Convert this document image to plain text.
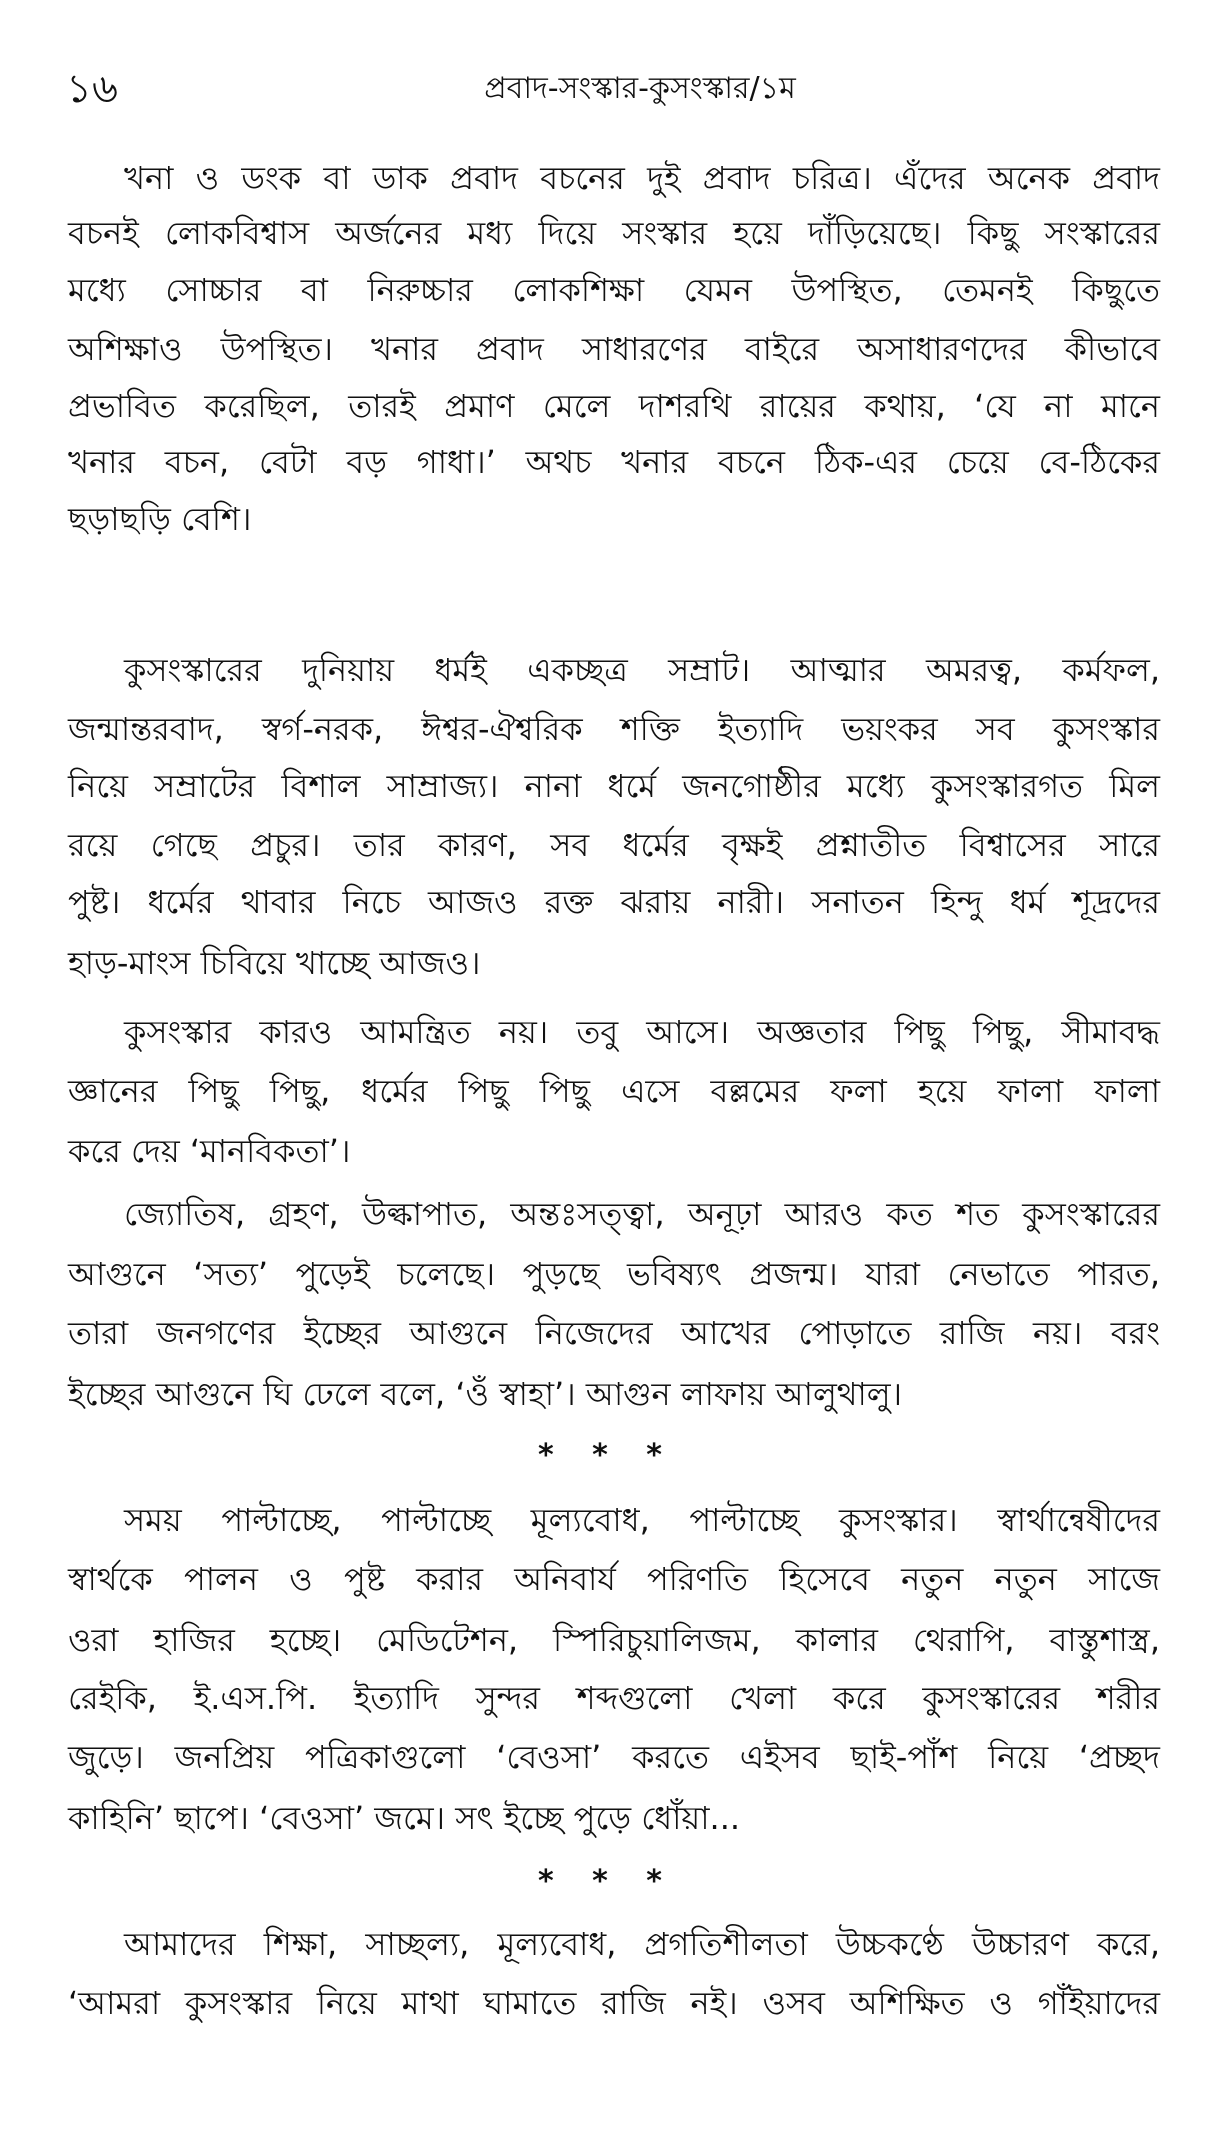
১৬	প্রবাদ-সংস্কার-কুসংস্কার/১ম
খনা ও ডংক বা ডাক প্রবাদ বচনের দুই প্রবাদ চরিত্র। এঁদের অনেক প্রবাদ
বচনই লোকবিশ্বাস অর্জনের মধ্য দিয়ে সংস্কার হয়ে দাঁড়িয়েছে। কিছু সংস্কারের
মধ্যে সোচ্চার বা নিরুচ্চার লোকশিক্ষা যেমন উপস্থিত, তেমনই কিছুতে
অশিক্ষাও উপস্থিত। খনার প্রবাদ সাধারণের বাইরে অসাধারণদের কীভাবে
প্রভাবিত করেছিল, তারই প্রমাণ মেলে দাশরথি রায়ের কথায়, ‘যে না মানে
খনার বচন, বেটা বড় গাধা।’ অথচ খনার বচনে ঠিক-এর চেয়ে বে-ঠিকের
ছড়াছড়ি বেশি।
কুসংস্কারের দুনিয়ায় ধর্মই একচ্ছত্র সম্রাট। আত্মার অমরত্ব, কর্মফল,
জন্মান্তরবাদ, স্বর্গ-নরক, ঈশ্বর-ঐশ্বরিক শক্তি ইত্যাদি ভয়ংকর সব কুসংস্কার
নিয়ে সম্রাটের বিশাল সাম্রাজ্য। নানা ধর্মে জনগোষ্ঠীর মধ্যে কুসংস্কারগত মিল
রয়ে গেছে প্রচুর। তার কারণ, সব ধর্মের বৃক্ষই প্রশ্নাতীত বিশ্বাসের সারে
পুষ্ট। ধর্মের থাবার নিচে আজও রক্ত ঝরায় নারী। সনাতন হিন্দু ধর্ম শূদ্রদের
হাড়-মাংস চিবিয়ে খাচ্ছে আজও।
কুসংস্কার কারও আমন্ত্রিত নয়। তবু আসে। অজ্ঞতার পিছু পিছু, সীমাবদ্ধ
জ্ঞানের পিছু পিছু, ধর্মের পিছু পিছু এসে বল্লমের ফলা হয়ে ফালা ফালা
করে দেয় ‘মানবিকতা’।
জ্যোতিষ, গ্রহণ, উল্কাপাত, অন্তঃসত্ত্বা, অনূঢ়া আরও কত শত কুসংস্কারের
আগুনে ‘সত্য’ পুড়েই চলেছে। পুড়ছে ভবিষ্যৎ প্রজন্ম। যারা নেভাতে পারত,
তারা জনগণের ইচ্ছের আগুনে নিজেদের আখের পোড়াতে রাজি নয়। বরং
ইচ্ছের আগুনে ঘি ঢেলে বলে, ‘ওঁ স্বাহা’। আগুন লাফায় আলুথালু।
সময় পাল্টাচ্ছে, পাল্টাচ্ছে মূল্যবোধ, পাল্টাচ্ছে কুসংস্কার। স্বার্থান্বেষীদের
স্বার্থকে পালন ও পুষ্ট করার অনিবার্য পরিণতি হিসেবে নতুন নতুন সাজে
ওরা হাজির হচ্ছে। মেডিটেশন, স্পিরিচুয়ালিজম, কালার থেরাপি, বাস্তুশাস্ত্র,
রেইকি, ই.এস.পি. ইত্যাদি সুন্দর শব্দগুলো খেলা করে কুসংস্কারের শরীর
জুড়ে। জনপ্রিয় পত্রিকাগুলো ‘বেওসা’ করতে এইসব ছাই-পাঁশ নিয়ে ‘প্রচ্ছদ
কাহিনি’ ছাপে। ‘বেওসা’ জমে। সৎ ইচ্ছে পুড়ে ধোঁয়া...
আমাদের শিক্ষা, সাচ্ছল্য, মূল্যবোধ, প্রগতিশীলতা উচ্চকণ্ঠে উচ্চারণ করে,
‘আমরা কুসংস্কার নিয়ে মাথা ঘামাতে রাজি নই। ওসব অশিক্ষিত ও গাঁইয়াদের
* * *
* * *
